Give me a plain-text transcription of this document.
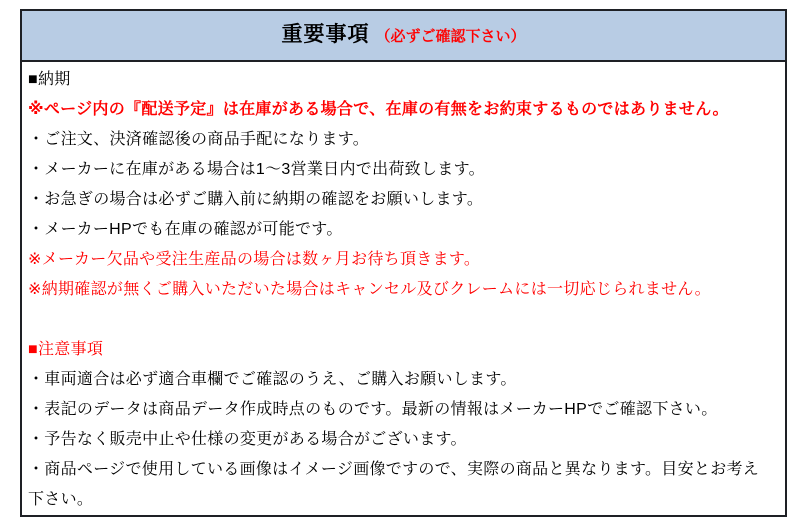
重要事項 （必ずご確認下さい）
■納期
※ページ内の『配送予定』は在庫がある場合で、在庫の有無をお約束するものではありません。
・ご注文、決済確認後の商品手配になります。
・メーカーに在庫がある場合は1～3営業日内で出荷致します。
・お急ぎの場合は必ずご購入前に納期の確認をお願いします。
・メーカーHPでも在庫の確認が可能です。
※メーカー欠品や受注生産品の場合は数ヶ月お待ち頂きます。
※納期確認が無くご購入いただいた場合はキャンセル及びクレームには一切応じられません。
■注意事項
・車両適合は必ず適合車欄でご確認のうえ、ご購入お願いします。
・表記のデータは商品データ作成時点のものです。最新の情報はメーカーHPでご確認下さい。
・予告なく販売中止や仕様の変更がある場合がございます。
・商品ページで使用している画像はイメージ画像ですので、実際の商品と異なります。目安とお考え
下さい。
